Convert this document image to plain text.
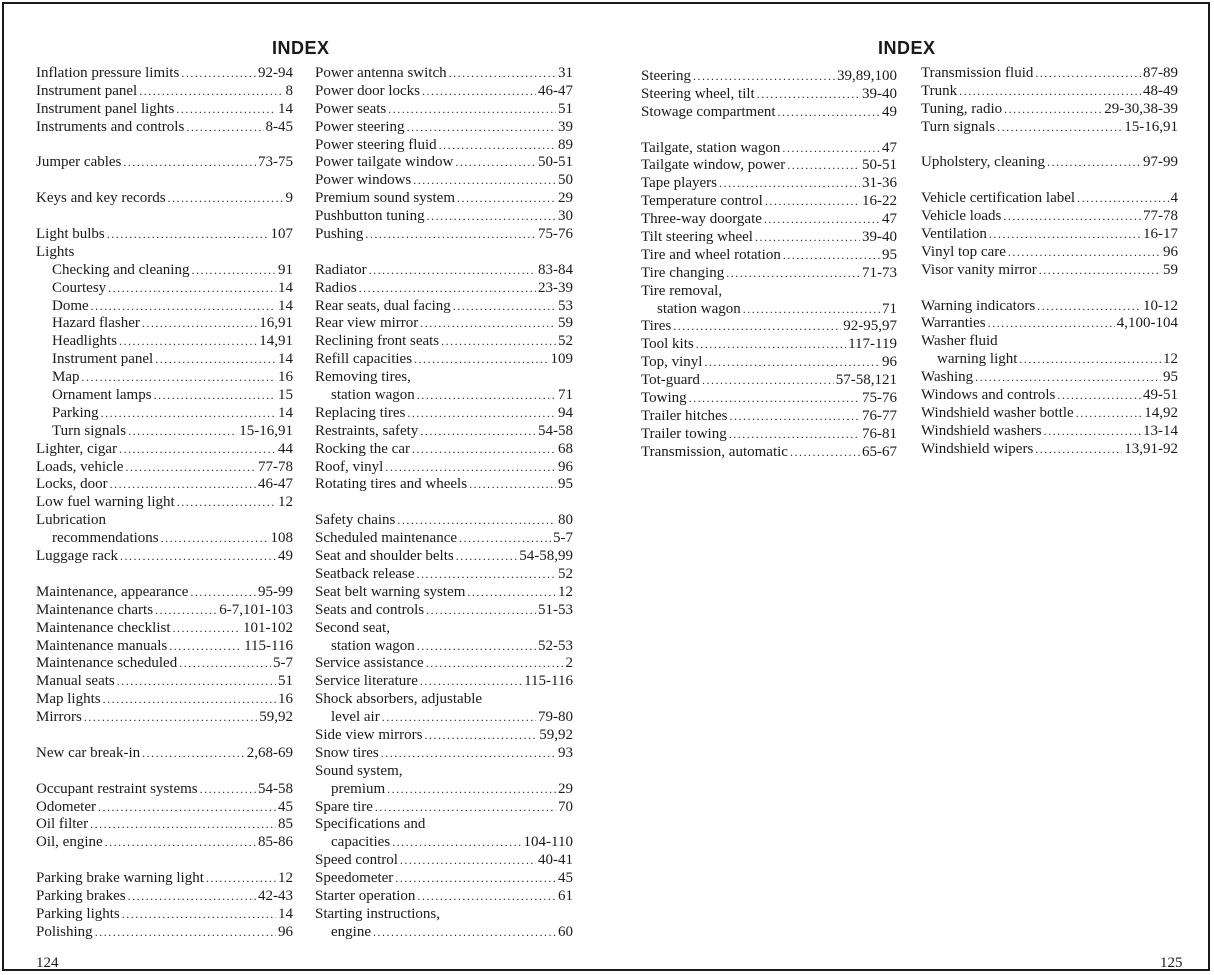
INDEX	INDEX
Inflation pressure limits .....	92-94
Instrument panel .....	8
Instrument panel lights .....	14
Instruments and controls .....	8-45
Jumper cables .....	73-75
Keys and key records .....	9
Light bulbs .....	107
Lights
Checking and cleaning .....	91
Courtesy .....	14
Dome .....	14
Hazard flasher .....	16,91
Headlights .....	14,91
Instrument panel .....	14
Map .....	16
Ornament lamps .....	15
Parking .....	14
Turn signals .....	15-16,91
Lighter, cigar .....	44
Loads, vehicle .....	77-78
Locks, door .....	46-47
Low fuel warning light .....	12
Lubrication
recommendations .....	108
Luggage rack .....	49
Maintenance, appearance .....	95-99
Maintenance charts .....	6-7,101-103
Maintenance checklist .....	101-102
Maintenance manuals .....	115-116
Maintenance scheduled .....	5-7
Manual seats .....	51
Map lights .....	16
Mirrors .....	59,92
New car break-in .....	2,68-69
Occupant restraint systems .....	54-58
Odometer .....	45
Oil filter .....	85
Oil, engine .....	85-86
Parking brake warning light .....	12
Parking brakes .....	42-43
Parking lights .....	14
Polishing .....	96
Power antenna switch .....	31
Power door locks .....	46-47
Power seats .....	51
Power steering .....	39
Power steering fluid .....	89
Power tailgate window .....	50-51
Power windows .....	50
Premium sound system .....	29
Pushbutton tuning .....	30
Pushing .....	75-76
Radiator .....	83-84
Radios .....	23-39
Rear seats, dual facing .....	53
Rear view mirror .....	59
Reclining front seats .....	52
Refill capacities .....	109
Removing tires,
station wagon .....	71
Replacing tires .....	94
Restraints, safety .....	54-58
Rocking the car .....	68
Roof, vinyl .....	96
Rotating tires and wheels .....	95
Safety chains .....	80
Scheduled maintenance .....	5-7
Seat and shoulder belts .....	54-58,99
Seatback release .....	52
Seat belt warning system .....	12
Seats and controls .....	51-53
Second seat,
station wagon .....	52-53
Service assistance .....	2
Service literature .....	115-116
Shock absorbers, adjustable
level air .....	79-80
Side view mirrors .....	59,92
Snow tires .....	93
Sound system,
premium .....	29
Spare tire .....	70
Specifications and
capacities .....	104-110
Speed control .....	40-41
Speedometer .....	45
Starter operation .....	61
Starting instructions,
engine .....	60
Steering .....	39,89,100
Steering wheel, tilt .....	39-40
Stowage compartment .....	49
Tailgate, station wagon .....	47
Tailgate window, power .....	50-51
Tape players .....	31-36
Temperature control .....	16-22
Three-way doorgate .....	47
Tilt steering wheel .....	39-40
Tire and wheel rotation .....	95
Tire changing .....	71-73
Tire removal,
station wagon .....	71
Tires .....	92-95,97
Tool kits .....	117-119
Top, vinyl .....	96
Tot-guard .....	57-58,121
Towing .....	75-76
Trailer hitches .....	76-77
Trailer towing .....	76-81
Transmission, automatic .....	65-67
Transmission fluid .....	87-89
Trunk .....	48-49
Tuning, radio .....	29-30,38-39
Turn signals .....	15-16,91
Upholstery, cleaning .....	97-99
Vehicle certification label .....	4
Vehicle loads .....	77-78
Ventilation .....	16-17
Vinyl top care .....	96
Visor vanity mirror .....	59
Warning indicators .....	10-12
Warranties .....	4,100-104
Washer fluid
warning light .....	12
Washing .....	95
Windows and controls .....	49-51
Windshield washer bottle .....	14,92
Windshield washers .....	13-14
Windshield wipers .....	13,91-92
124	125
